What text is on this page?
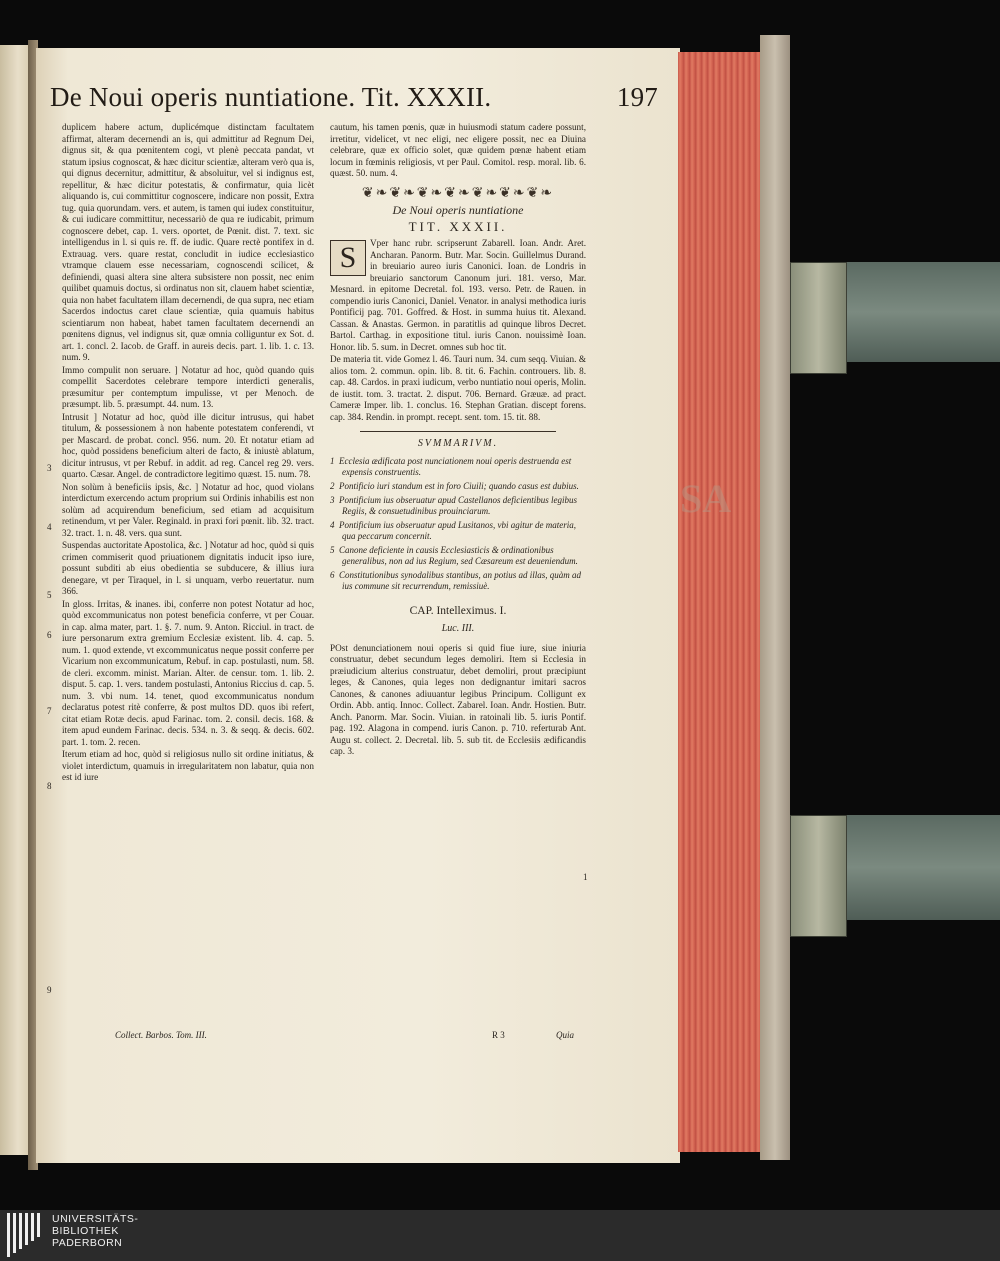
SA
De Noui operis nuntiatione. Tit. XXXII.	197

duplicem habere actum, duplicémque distinctam facultatem affirmat, alteram decernendi an is, qui admittitur ad Regnum Dei, dignus sit, & qua pœnitentem cogi, vt plenè peccata pandat, vt statum ipsius cognoscat, & hæc dicitur scientiæ, alteram verò qua is, qui dignus decernitur, admittitur, & absoluitur, vel si indignus est, repellitur, & hæc dicitur potestatis, & confirmatur, quia licèt aliquando is, cui committitur cognoscere, indicare non possit, Extra tug. quia quorundam. vers. et autem, is tamen qui iudex constituitur, & cui iudicare committitur, necessariò de qua re iudicabit, primum cognoscere debet, cap. 1. vers. oportet, de Pœnit. dist. 7. text. sic intelligendus in l. si quis re. ff. de iudic. Quare rectè pontifex in d. Extrauag. vers. quare restat, concludit in iudice ecclesiastico vtramque clauem esse necessariam, cognoscendi scilicet, & definiendi, quasi altera sine altera subsistere non possit, nec enim quilibet quamuis doctus, si ordinatus non sit, clauem habet scientiæ, quia non habet facultatem illam decernendi, de qua supra, nec etiam Sacerdos indoctus caret claue scientiæ, quia quamuis habitus scientiarum non habeat, habet tamen facultatem decernendi an pœnitens dignus, vel indignus sit, quæ omnia colliguntur ex Sot. d. art. 1. concl. 2. Iacob. de Graff. in aureis decis. part. 1. lib. 1. c. 13. num. 9.

Immo compulit non seruare. ] Notatur ad hoc, quòd quando quis compellit Sacerdotes celebrare tempore interdicti generalis, præsumitur per contemptum impulisse, vt per Menoch. de præsumpt. lib. 5. præsumpt. 44. num. 13.

Intrusit ] Notatur ad hoc, quòd ille dicitur intrusus, qui habet titulum, & possessionem à non habente potestatem conferendi, vt per Mascard. de probat. concl. 956. num. 20. Et notatur etiam ad hoc, quòd possidens beneficium alteri de facto, & iniustè ablatum, dicitur intrusus, vt per Rebuf. in addit. ad reg. Cancel reg 29. vers. quarto. Cæsar. Angel. de contradictore legitimo quæst. 15. num. 78.

Non solùm à beneficiis ipsis, &c. ] Notatur ad hoc, quod violans interdictum exercendo actum proprium sui Ordinis inhabilis est non solùm ad acquirendum beneficium, sed etiam ad acquisitum retinendum, vt per Valer. Reginald. in praxi fori pœnit. lib. 32. tract. 32. tract. 1. n. 48. vers. qua sunt.

Suspendas auctoritate Apostolica, &c. ] Notatur ad hoc, quòd si quis crimen commiserit quod priuationem dignitatis inducit ipso iure, possunt subditi ab eius obedientia se subducere, & illius iura denegare, vt per Tiraquel, in l. si unquam, verbo reuertatur. num 366.

In gloss. Irritas, & inanes. ibi, conferre non potest Notatur ad hoc, quòd excommunicatus non potest beneficia conferre, vt per Couar. in cap. alma mater, part. 1. §. 7. num. 9. Anton. Ricciul. in tract. de iure personarum extra gremium Ecclesiæ existent. lib. 4. cap. 5. num. 1. quod extende, vt excommunicatus neque possit conferre per Vicarium non excommunicatum, Rebuf. in cap. postulasti, num. 58. de cleri. excomm. minist. Marian. Alter. de censur. tom. 1. lib. 2. disput. 5. cap. 1. vers. tandem postulasti, Antonius Riccius d. cap. 5. num. 3. vbi num. 14. tenet, quod excommunicatus nondum declaratus potest ritè conferre, & post multos DD. quos ibi refert, citat etiam Rotæ decis. apud Farinac. tom. 2. consil. decis. 168. & item apud eundem Farinac. decis. 534. n. 3. & seqq. & decis. 602. part. 1. tom. 2. recen.

Iterum etiam ad hoc, quòd si religiosus nullo sit ordine initiatus, & violet interdictum, quamuis in irregularitatem non labatur, quia non est id iure

3
4
5
6
7
8
9
Collect. Barbos. Tom. III.

cautum, his tamen pœnis, quæ in huiusmodi statum cadere possunt, irretitur, videlicet, vt nec eligi, nec eligere possit, nec ea Diuina celebrare, quæ ex officio solet, quæ quidem pœnæ habent etiam locum in fœminis religiosis, vt per Paul. Comitol. resp. moral. lib. 6. quæst. 50. num. 4.

❦❧❦❧❦❧❦❧❦❧❦❧❦❧
De Noui operis nuntiatione
TIT. XXXII.

S	Vper hanc rubr. scripserunt Zabarell. Ioan. Andr. Aret. Ancharan. Panorm. Butr. Mar. Socin. Guillelmus Durand. in breuiario aureo iuris Canonici. Ioan. de Londris in breuiario sanctorum Canonum juri. 181. verso, Mar. Mesnard. in epitome Decretal. fol. 193. verso. Petr. de Rauen. in compendio iuris Canonici, Daniel. Venator. in analysi methodica iuris Pontificij pag. 701. Goffred. & Host. in summa huius tit. Alexand. Cassan. & Anastas. Germon. in paratitlis ad quinque libros Decret. Bartol. Carthag. in expositione titul. iuris Canon. nouissimè Ioan. Honor. lib. 5. sum. in Decret. omnes sub hoc tit.

De materia tit. vide Gomez l. 46. Tauri num. 34. cum seqq. Viuian. & alios tom. 2. commun. opin. lib. 8. tit. 6. Fachin. controuers. lib. 8. cap. 48. Cardos. in praxi iudicum, verbo nuntiatio noui operis, Molin. de iustit. tom. 3. tractat. 2. disput. 706. Bernard. Græuæ. ad pract. Cameræ Imper. lib. 1. conclus. 16. Stephan Gratian. discept forens. cap. 384. Rendin. in prompt. recept. sent. tom. 15. tit. 88.

SVMMARIVM.
1 Ecclesia ædificata post nunciationem noui operis destruenda est expensis construentis.
2 Pontificio iuri standum est in foro Ciuili; quando casus est dubius.
3 Pontificium ius obseruatur apud Castellanos deficientibus legibus Regiis, & consuetudinibus prouinciarum.
4 Pontificium ius obseruatur apud Lusitanos, vbi agitur de materia, qua peccarum concernit.
5 Canone deficiente in causis Ecclesiasticis & ordinationibus generalibus, non ad ius Regium, sed Cæsareum est deueniendum.
6 Constitutionibus synodalibus stantibus, an potius ad illas, quàm ad ius commune sit recurrendum, remissiuè.
CAP. Intelleximus. I.
Luc. III.

POst denunciationem noui operis si quid fiue iure, siue iniuria construatur, debet secundum leges demoliri. Item si Ecclesia in præiudicium alterius construatur, debet demoliri, prout præcipiunt leges, & Canones, quia leges non dedignantur imitari sacros Canones, & canones adiuuantur legibus Principum. Colligunt ex Ordin. Abb. antiq. Innoc. Collect. Zabarel. Ioan. Andr. Hostien. Butr. Anch. Panorm. Mar. Socin. Viuian. in ratoinali lib. 5. iuris Pontif. pag. 192. Alagona in compend. iuris Canon. p. 710. referturab Ant. Augu st. collect. 2. Decretal. lib. 5. sub tit. de Ecclesiis ædificandis cap. 3.

1
R 3	Quia
UNIVERSITÄTS-
BIBLIOTHEK
PADERBORN
